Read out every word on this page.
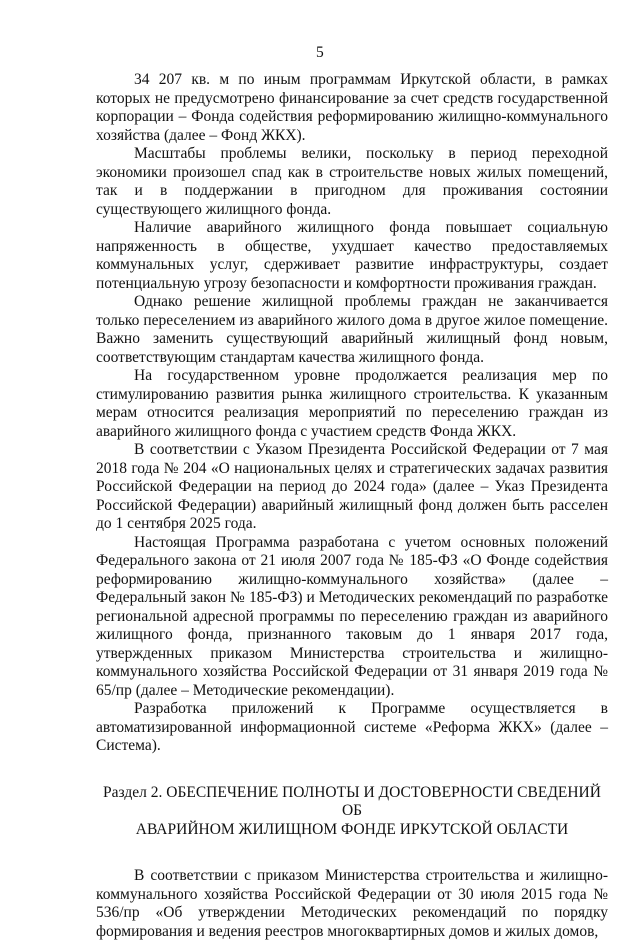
5

34 207 кв. м по иным программам Иркутской области, в рамках которых не предусмотрено финансирование за счет средств государственной корпорации – Фонда содействия реформированию жилищно-коммунального хозяйства (далее – Фонд ЖКХ).

Масштабы проблемы велики, поскольку в период переходной экономики произошел спад как в строительстве новых жилых помещений, так и в поддержании в пригодном для проживания состоянии существующего жилищного фонда.

Наличие аварийного жилищного фонда повышает социальную напряженность в обществе, ухудшает качество предоставляемых коммунальных услуг, сдерживает развитие инфраструктуры, создает потенциальную угрозу безопасности и комфортности проживания граждан.

Однако решение жилищной проблемы граждан не заканчивается только переселением из аварийного жилого дома в другое жилое помещение. Важно заменить существующий аварийный жилищный фонд новым, соответствующим стандартам качества жилищного фонда.

На государственном уровне продолжается реализация мер по стимулированию развития рынка жилищного строительства. К указанным мерам относится реализация мероприятий по переселению граждан из аварийного жилищного фонда с участием средств Фонда ЖКХ.

В соответствии с Указом Президента Российской Федерации от 7 мая 2018 года № 204 «О национальных целях и стратегических задачах развития Российской Федерации на период до 2024 года» (далее – Указ Президента Российской Федерации) аварийный жилищный фонд должен быть расселен до 1 сентября 2025 года.

Настоящая Программа разработана с учетом основных положений Федерального закона от 21 июля 2007 года № 185-ФЗ «О Фонде содействия реформированию жилищно-коммунального хозяйства» (далее – Федеральный закон № 185-ФЗ) и Методических рекомендаций по разработке региональной адресной программы по переселению граждан из аварийного жилищного фонда, признанного таковым до 1 января 2017 года, утвержденных приказом Министерства строительства и жилищно-коммунального хозяйства Российской Федерации от 31 января 2019 года № 65/пр (далее – Методические рекомендации).

Разработка приложений к Программе осуществляется в автоматизированной информационной системе «Реформа ЖКХ» (далее – Система).

Раздел 2. ОБЕСПЕЧЕНИЕ ПОЛНОТЫ И ДОСТОВЕРНОСТИ СВЕДЕНИЙ ОБ
АВАРИЙНОМ ЖИЛИЩНОМ ФОНДЕ ИРКУТСКОЙ ОБЛАСТИ

В соответствии с приказом Министерства строительства и жилищно-коммунального хозяйства Российской Федерации от 30 июля 2015 года № 536/пр «Об утверждении Методических рекомендаций по порядку формирования и ведения реестров многоквартирных домов и жилых домов,
